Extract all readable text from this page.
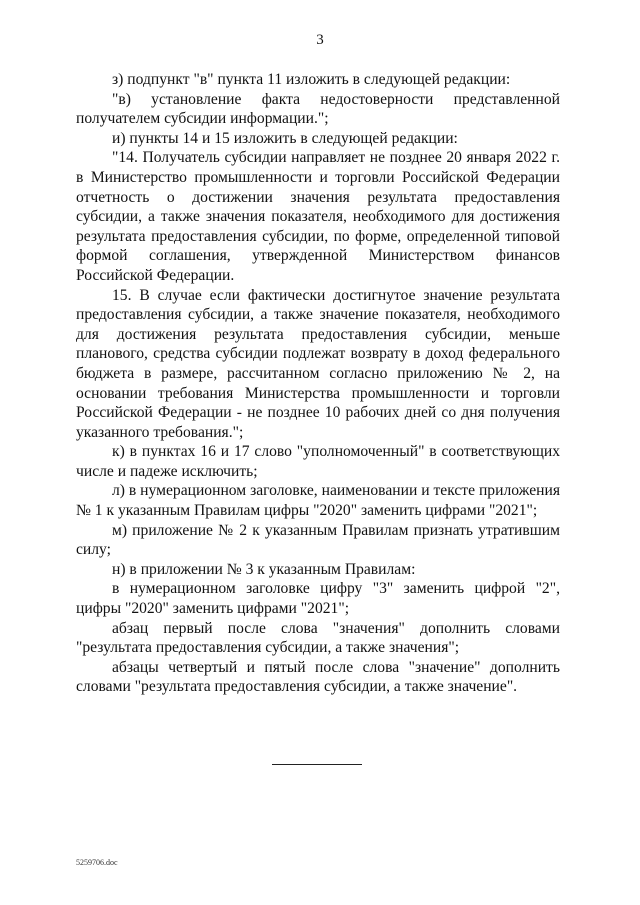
3

з) подпункт "в" пункта 11 изложить в следующей редакции:

"в) установление факта недостоверности представленной получателем субсидии информации.";

и) пункты 14 и 15 изложить в следующей редакции:

"14. Получатель субсидии направляет не позднее 20 января 2022 г. в Министерство промышленности и торговли Российской Федерации отчетность о достижении значения результата предоставления субсидии, а также значения показателя, необходимого для достижения результата предоставления субсидии, по форме, определенной типовой формой соглашения, утвержденной Министерством финансов Российской Федерации.

15. В случае если фактически достигнутое значение результата предоставления субсидии, а также значение показателя, необходимого для достижения результата предоставления субсидии, меньше планового, средства субсидии подлежат возврату в доход федерального бюджета в размере, рассчитанном согласно приложению № 2, на основании требования Министерства промышленности и торговли Российской Федерации - не позднее 10 рабочих дней со дня получения указанного требования.";

к) в пунктах 16 и 17 слово "уполномоченный" в соответствующих числе и падеже исключить;

л) в нумерационном заголовке, наименовании и тексте приложения № 1 к указанным Правилам цифры "2020" заменить цифрами "2021";

м) приложение № 2 к указанным Правилам признать утратившим силу;

н) в приложении № 3 к указанным Правилам:

в нумерационном заголовке цифру "3" заменить цифрой "2", цифры "2020" заменить цифрами "2021";

абзац первый после слова "значения" дополнить словами "результата предоставления субсидии, а также значения";

абзацы четвертый и пятый после слова "значение" дополнить словами "результата предоставления субсидии, а также значение".

5259706.doc
